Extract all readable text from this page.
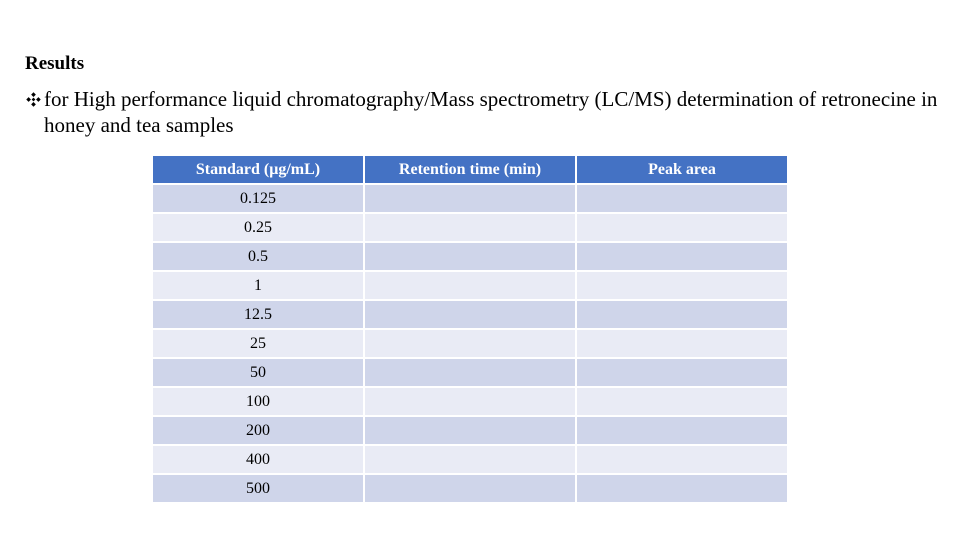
Results
for High performance liquid chromatography/Mass spectrometry (LC/MS) determination of retronecine in honey and tea samples
Standard (μg/mL)	Retention time (min)	Peak area
0.125		
0.25		
0.5		
1		
12.5		
25		
50		
100		
200		
400		
500		
